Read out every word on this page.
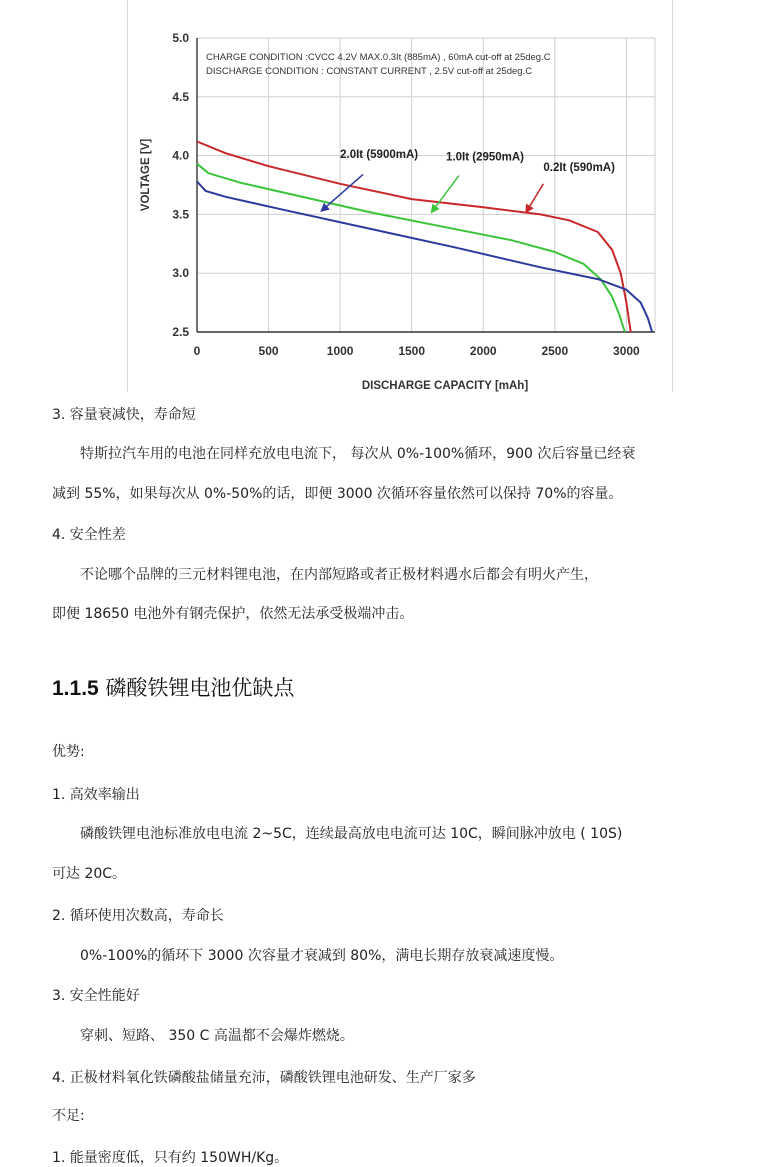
0	500	1000	1500	2000	2500	3000
2.5
3.0
3.5
4.0
4.5
5.0
DISCHARGE CAPACITY [mAh]
VOLTAGE [V]
CHARGE CONDITION :CVCC 4.2V MAX.0.3It (885mA) , 60mA cut-off at 25deg.C
DISCHARGE CONDITION : CONSTANT CURRENT , 2.5V cut-off at 25deg.C
2.0It (5900mA) 1.0It (2950mA)
0.2It (590mA)
3. 容量衰减快，寿命短
特斯拉汽车用的电池在同样充放电电流下， 每次从 0%-100%循环，900 次后容量已经衰
减到 55%，如果每次从 0%-50%的话，即便 3000 次循环容量依然可以保持 70%的容量。
4. 安全性差
不论哪个品牌的三元材料锂电池，在内部短路或者正极材料遇水后都会有明火产生，
即便 18650 电池外有钢壳保护，依然无法承受极端冲击。
1.1.5 磷酸铁锂电池优缺点
优势:
1. 高效率输出
磷酸铁锂电池标准放电电流 2~5C，连续最高放电电流可达 10C，瞬间脉冲放电 ( 10S)
可达 20C。
2. 循环使用次数高，寿命长
0%-100%的循环下 3000 次容量才衰减到 80%，满电长期存放衰减速度慢。
3. 安全性能好
穿刺、短路、 350 C 高温都不会爆炸燃烧。
4. 正极材料氧化铁磷酸盐储量充沛，磷酸铁锂电池研发、生产厂家多
不足:
1. 能量密度低，只有约 150WH/Kg。
